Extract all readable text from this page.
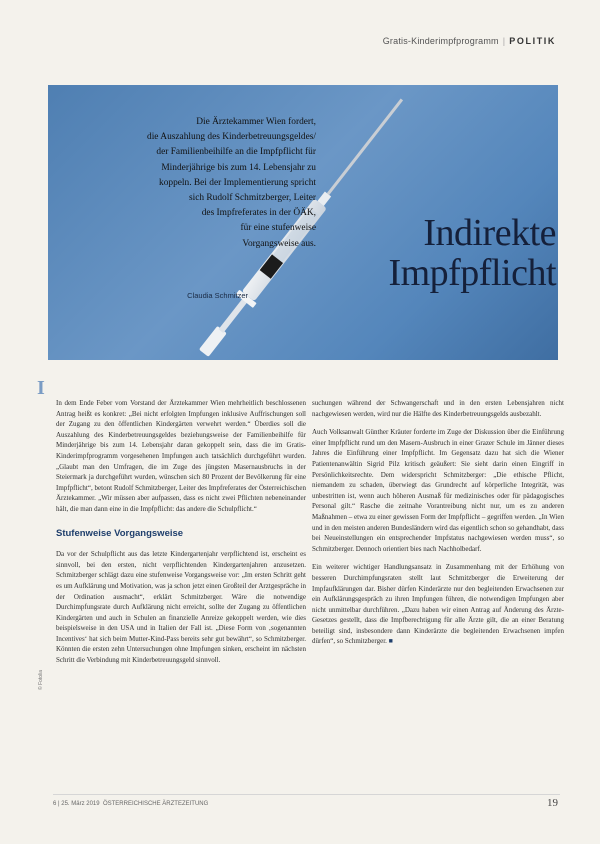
Gratis-Kinderimpfprogramm | POLITIK
Die Ärztekammer Wien fordert,
die Auszahlung des Kinderbetreuungsgeldes/
der Familienbeihilfe an die Impfpflicht für
Minderjährige bis zum 14. Lebensjahr zu
koppeln. Bei der Implementierung spricht
sich Rudolf Schmitzberger, Leiter
des Impfreferates in der ÖÄK,
für eine stufenweise
Vorgangsweise aus.
Claudia Schmitzer
Indirekte
Impfpflicht
I

In dem Ende Feber vom Vorstand der Ärztekammer Wien mehrheitlich beschlossenen Antrag heißt es konkret: „Bei nicht erfolgten Impfungen inklusive Auffrischungen soll der Zugang zu den öffentlichen Kindergärten verwehrt werden.“ Überdies soll die Auszahlung des Kinderbetreuungsgeldes beziehungsweise der Familienbeihilfe für Minderjährige bis zum 14. Lebensjahr daran gekoppelt sein, dass die im Gratis-Kinderimpfprogramm vorgesehenen Impfungen auch tatsächlich durchgeführt wurden. „Glaubt man den Umfragen, die im Zuge des jüngsten Masernausbruchs in der Steiermark ja durchgeführt wurden, wünschen sich 80 Prozent der Bevölkerung für eine Impfpflicht“, betont Rudolf Schmitzberger, Leiter des Impfreferates der Österreichischen Ärztekammer. „Wir müssen aber aufpassen, dass es nicht zwei Pflichten nebeneinander hält, die man dann eine in die Impfpflicht: das andere die Schulpflicht.“

Stufenweise Vorgangsweise

Da vor der Schulpflicht aus das letzte Kindergartenjahr verpflichtend ist, erscheint es sinnvoll, bei den ersten, nicht verpflichtenden Kindergartenjahren anzusetzen. Schmitzberger schlägt dazu eine stufenweise Vorgangsweise vor: „Im ersten Schritt geht es um Aufklärung und Motivation, was ja schon jetzt einen Großteil der Arztgespräche in der Ordination ausmacht“, erklärt Schmitzberger. Wäre die notwendige Durchimpfungsrate durch Aufklärung nicht erreicht, sollte der Zugang zu öffentlichen Kindergärten und auch in Schulen an finanzielle Anreize gekoppelt werden, wie dies beispielsweise in den USA und in Italien der Fall ist. „Diese Form von ‚sogenannten Incentives‘ hat sich beim Mutter-Kind-Pass bereits sehr gut bewährt“, so Schmitzberger. Könnten die ersten zehn Untersuchungen ohne Impfungen sinken, erscheint im nächsten Schritt die Verbindung mit Kinderbetreuungsgeld sinnvoll.

suchungen während der Schwangerschaft und in den ersten Lebensjahren nicht nachgewiesen werden, wird nur die Hälfte des Kinderbetreuungsgelds ausbezahlt.

Auch Volksanwalt Günther Kräuter forderte im Zuge der Diskussion über die Einführung einer Impfpflicht rund um den Masern-Ausbruch in einer Grazer Schule im Jänner dieses Jahres die Einführung einer Impfpflicht. Im Gegensatz dazu hat sich die Wiener Patientenanwältin Sigrid Pilz kritisch geäußert: Sie sieht darin einen Eingriff in Persönlichkeitsrechte. Dem widerspricht Schmitzberger: „Die ethische Pflicht, niemandem zu schaden, überwiegt das Grundrecht auf körperliche Integrität, was unbestritten ist, wenn auch höheren Ausmaß für medizinisches oder für pädagogisches Personal gilt.“ Rasche die zeitnahe Vorantreibung nicht nur, um es zu anderen Maßnahmen – etwa zu einer gewissen Form der Impfpflicht – gegriffen werden. „In Wien und in den meisten anderen Bundesländern wird das eigentlich schon so gehandhabt, dass bei Neueinstellungen ein entsprechender Impfstatus nachgewiesen werden muss“, so Schmitzberger. Dennoch orientiert bies nach Nachholbedarf.

Ein weiterer wichtiger Handlungsansatz in Zusammenhang mit der Erhöhung von besseren Durchimpfungsraten stellt laut Schmitzberger die Erweiterung der Impfaufklärungen dar. Bisher dürfen Kinderärzte nur den begleitenden Erwachsenen zur ein Aufklärungsgespräch zu ihren Impfungen führen, die notwendigen Impfungen aber nicht unmittelbar durchführen. „Dazu haben wir einen Antrag auf Änderung des Ärzte-Gesetzes gestellt, dass die Impfberechtigung für alle Ärzte gilt, die an einer Beratung beteiligt sind, insbesondere dann Kinderärzte die begleitenden Erwachsenen impfen dürfen“, so Schmitzberger. ■

© Fotolia
6 | 25. März 2019 ÖSTERREICHISCHE ÄRZTEZEITUNG	19
